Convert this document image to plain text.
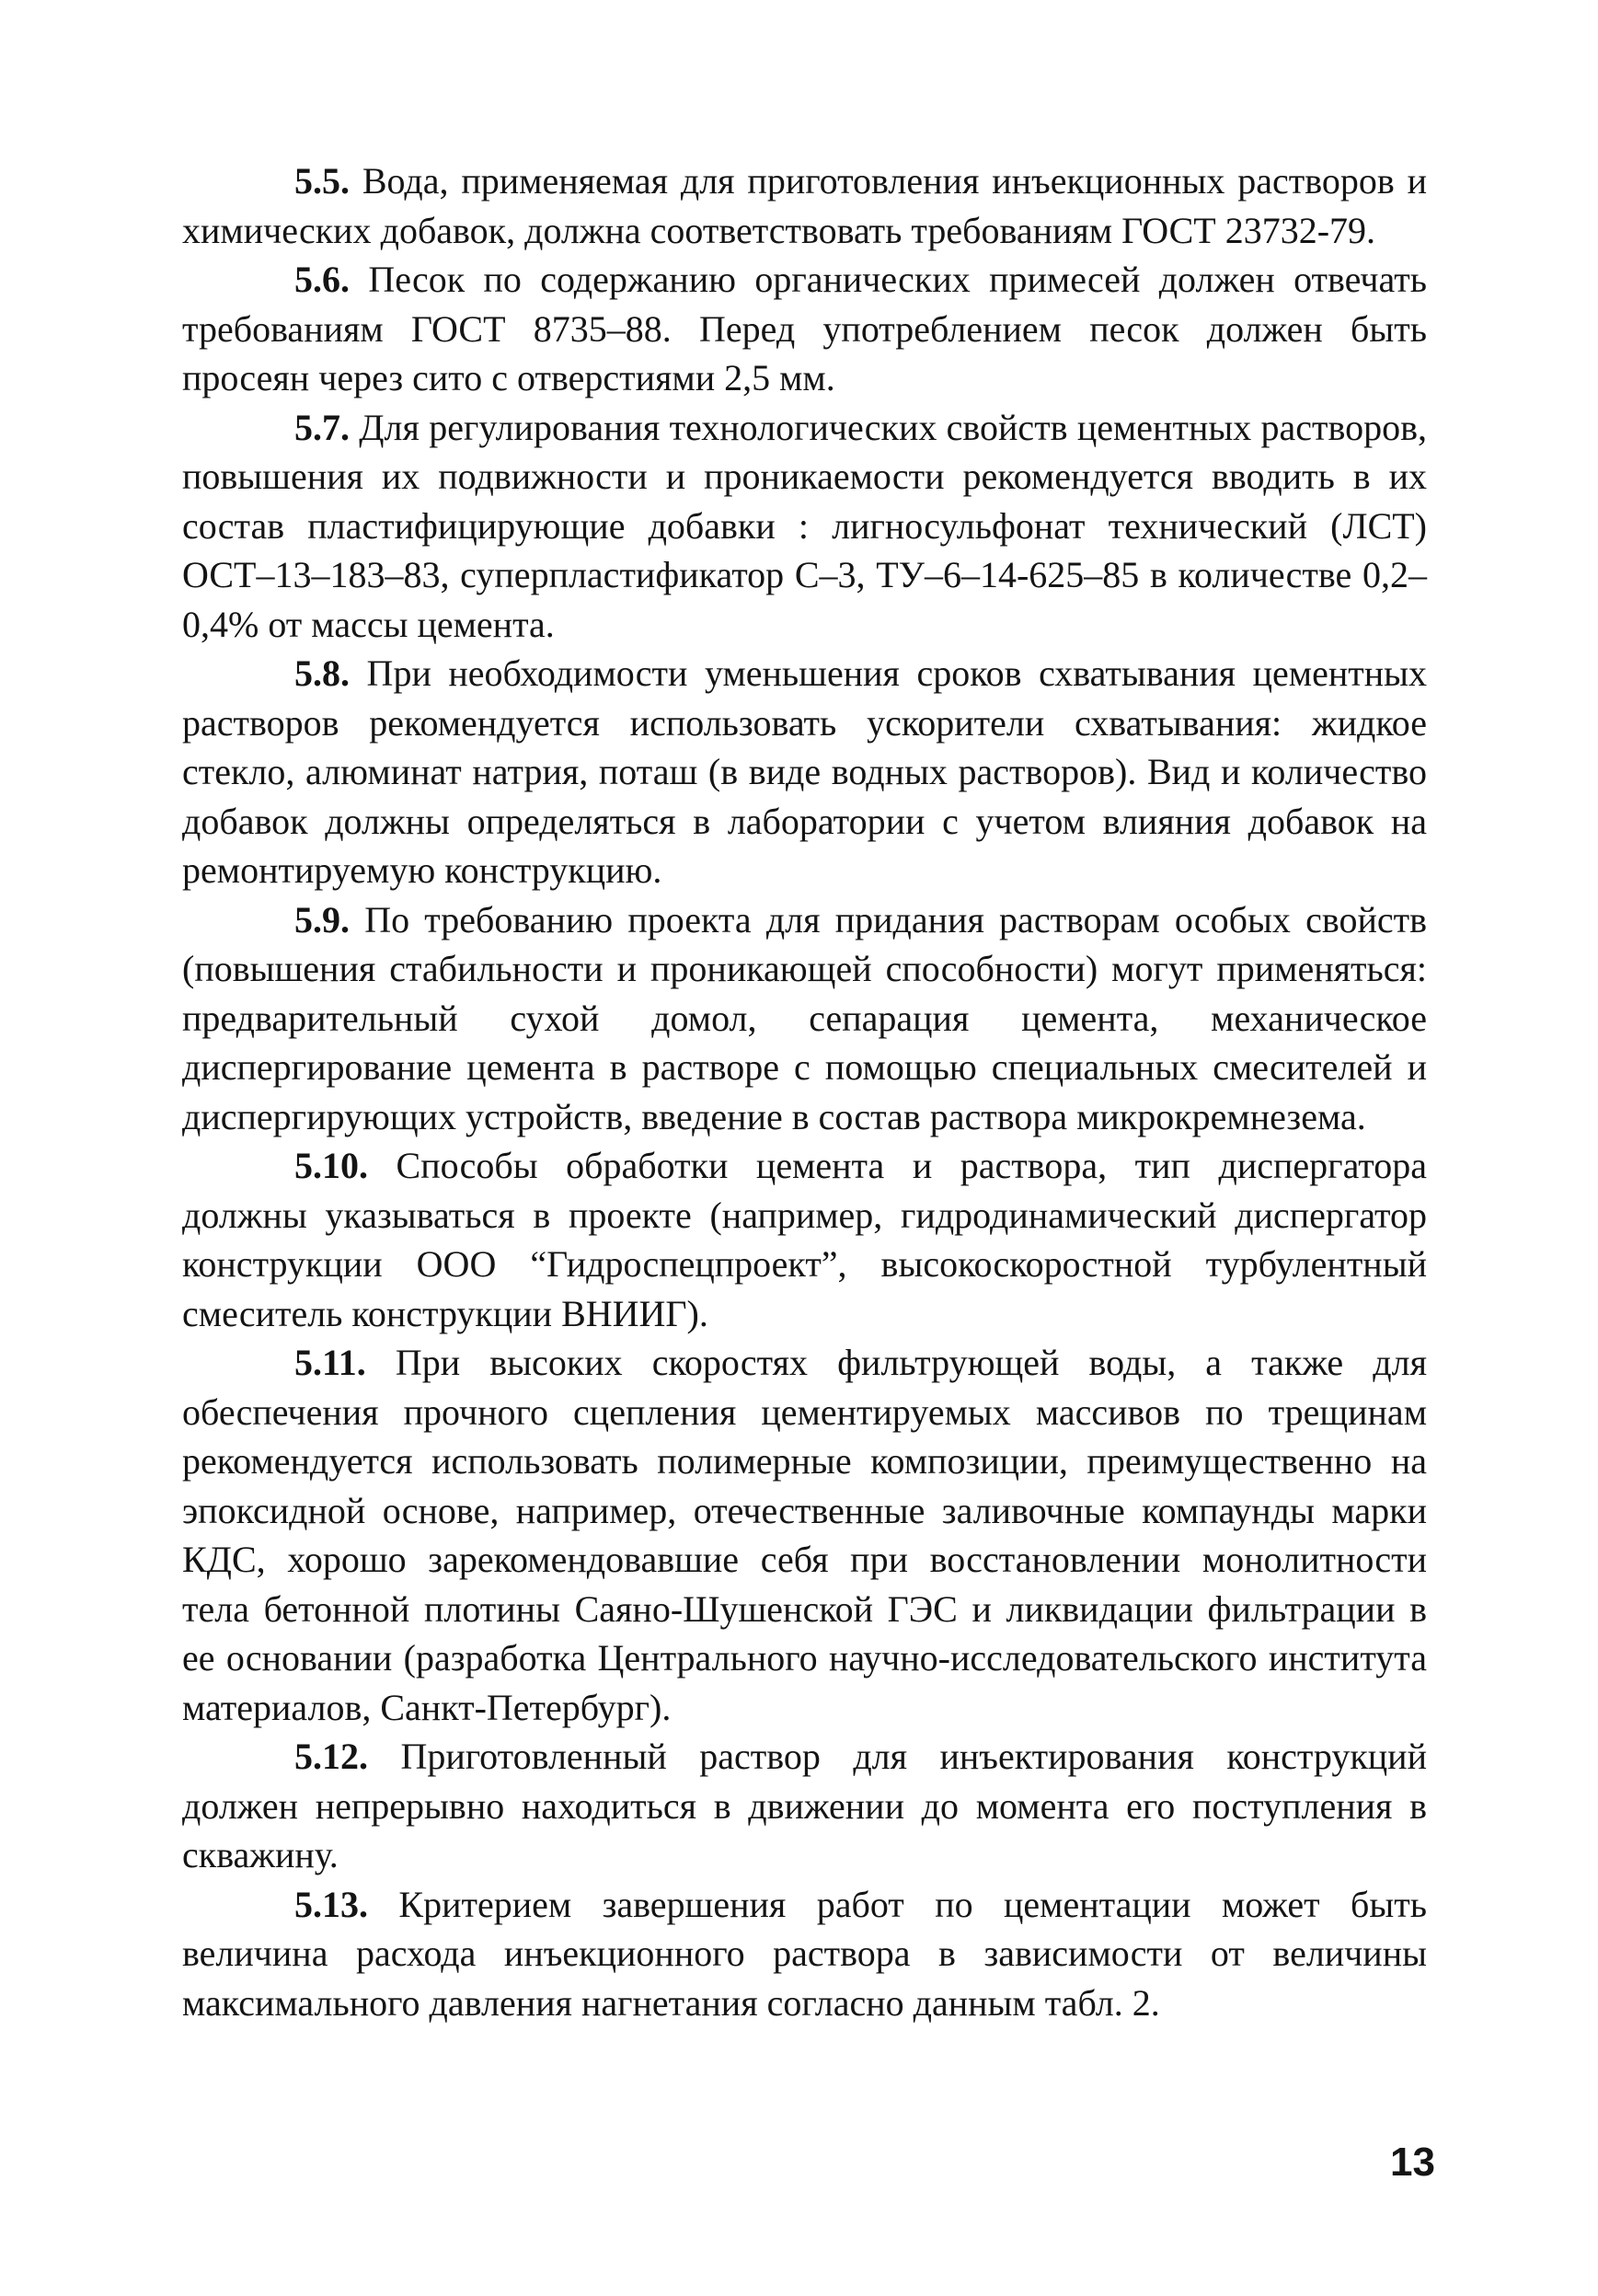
5.5. Вода, применяемая для приготовления инъекционных растворов и химических добавок, должна соответствовать требованиям ГОСТ 23732-79.

5.6. Песок по содержанию органических примесей должен отвечать требованиям ГОСТ 8735–88. Перед употреблением песок должен быть просеян через сито с отверстиями 2,5 мм.

5.7. Для регулирования технологических свойств цементных растворов, повышения их подвижности и проникаемости рекомендуется вводить в их состав пластифицирующие добавки : лигносульфонат технический (ЛСТ) ОСТ–13–183–83, суперпластификатор С–3, ТУ–6–14-625–85 в количестве 0,2–0,4% от массы цемента.

5.8. При необходимости уменьшения сроков схватывания цементных растворов рекомендуется использовать ускорители схватывания: жидкое стекло, алюминат натрия, поташ (в виде водных растворов). Вид и количество добавок должны определяться в лаборатории с учетом влияния добавок на ремонтируемую конструкцию.

5.9. По требованию проекта для придания растворам особых свойств (повышения стабильности и проникающей способности) могут применяться: предварительный сухой домол, сепарация цемента, механическое диспергирование цемента в растворе с помощью специальных смесителей и диспергирующих устройств, введение в состав раствора микрокремнезема.

5.10. Способы обработки цемента и раствора, тип диспергатора должны указываться в проекте (например, гидродинамический диспергатор конструкции ООО “Гидроспецпроект”, высокоскоростной турбулентный смеситель конструкции ВНИИГ).

5.11. При высоких скоростях фильтрующей воды, а также для обеспечения прочного сцепления цементируемых массивов по трещинам рекомендуется использовать полимерные композиции, преимущественно на эпоксидной основе, например, отечественные заливочные компаунды марки КДС, хорошо зарекомендовавшие себя при восстановлении монолитности тела бетонной плотины Саяно-Шушенской ГЭС и ликвидации фильтрации в ее основании (разработка Центрального научно-исследовательского института материалов, Санкт-Петербург).

5.12. Приготовленный раствор для инъектирования конструкций должен непрерывно находиться в движении до момента его поступления в скважину.

5.13. Критерием завершения работ по цементации может быть величина расхода инъекционного раствора в зависимости от величины максимального давления нагнетания согласно данным табл. 2.

13
